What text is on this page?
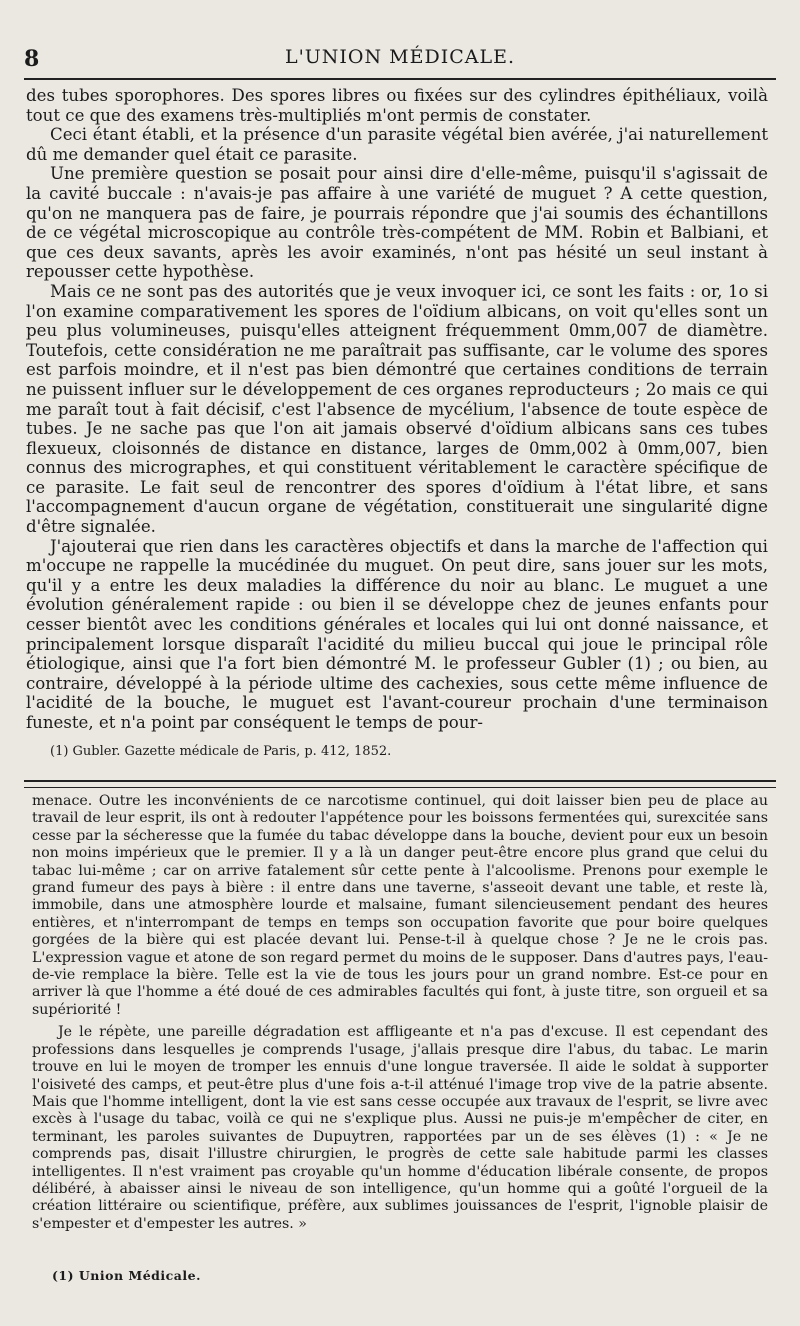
8	L'UNION MÉDICALE.

des tubes sporophores. Des spores libres ou fixées sur des cylindres épithéliaux, voilà tout ce que des examens très-multipliés m'ont permis de constater.

Ceci étant établi, et la présence d'un parasite végétal bien avérée, j'ai naturellement dû me demander quel était ce parasite.

Une première question se posait pour ainsi dire d'elle-même, puisqu'il s'agissait de la cavité buccale : n'avais-je pas affaire à une variété de muguet ? A cette question, qu'on ne manquera pas de faire, je pourrais répondre que j'ai soumis des échantillons de ce végétal microscopique au contrôle très-compétent de MM. Robin et Balbiani, et que ces deux savants, après les avoir examinés, n'ont pas hésité un seul instant à repousser cette hypothèse.

Mais ce ne sont pas des autorités que je veux invoquer ici, ce sont les faits : or, 1o si l'on examine comparativement les spores de l'oïdium albicans, on voit qu'elles sont un peu plus volumineuses, puisqu'elles atteignent fréquemment 0mm,007 de diamètre. Toutefois, cette considération ne me paraîtrait pas suffisante, car le volume des spores est parfois moindre, et il n'est pas bien démontré que certaines conditions de terrain ne puissent influer sur le développement de ces organes reproducteurs ; 2o mais ce qui me paraît tout à fait décisif, c'est l'absence de mycélium, l'absence de toute espèce de tubes. Je ne sache pas que l'on ait jamais observé d'oïdium albicans sans ces tubes flexueux, cloisonnés de distance en distance, larges de 0mm,002 à 0mm,007, bien connus des micrographes, et qui constituent véritablement le caractère spécifique de ce parasite. Le fait seul de rencontrer des spores d'oïdium à l'état libre, et sans l'accompagnement d'aucun organe de végétation, constituerait une singularité digne d'être signalée.

J'ajouterai que rien dans les caractères objectifs et dans la marche de l'affection qui m'occupe ne rappelle la mucédinée du muguet. On peut dire, sans jouer sur les mots, qu'il y a entre les deux maladies la différence du noir au blanc. Le muguet a une évolution généralement rapide : ou bien il se développe chez de jeunes enfants pour cesser bientôt avec les conditions générales et locales qui lui ont donné naissance, et principalement lorsque disparaît l'acidité du milieu buccal qui joue le principal rôle étiologique, ainsi que l'a fort bien démontré M. le professeur Gubler (1) ; ou bien, au contraire, développé à la période ultime des cachexies, sous cette même influence de l'acidité de la bouche, le muguet est l'avant-coureur prochain d'une terminaison funeste, et n'a point par conséquent le temps de pour-

(1) Gubler. Gazette médicale de Paris, p. 412, 1852.

menace. Outre les inconvénients de ce narcotisme continuel, qui doit laisser bien peu de place au travail de leur esprit, ils ont à redouter l'appétence pour les boissons fermentées qui, surexcitée sans cesse par la sécheresse que la fumée du tabac développe dans la bouche, devient pour eux un besoin non moins impérieux que le premier. Il y a là un danger peut-être encore plus grand que celui du tabac lui-même ; car on arrive fatalement sûr cette pente à l'alcoolisme. Prenons pour exemple le grand fumeur des pays à bière : il entre dans une taverne, s'asseoit devant une table, et reste là, immobile, dans une atmosphère lourde et malsaine, fumant silencieusement pendant des heures entières, et n'interrompant de temps en temps son occupation favorite que pour boire quelques gorgées de la bière qui est placée devant lui. Pense-t-il à quelque chose ? Je ne le crois pas. L'expression vague et atone de son regard permet du moins de le supposer. Dans d'autres pays, l'eau-de-vie remplace la bière. Telle est la vie de tous les jours pour un grand nombre. Est-ce pour en arriver là que l'homme a été doué de ces admirables facultés qui font, à juste titre, son orgueil et sa supériorité !

Je le répète, une pareille dégradation est affligeante et n'a pas d'excuse. Il est cependant des professions dans lesquelles je comprends l'usage, j'allais presque dire l'abus, du tabac. Le marin trouve en lui le moyen de tromper les ennuis d'une longue traversée. Il aide le soldat à supporter l'oisiveté des camps, et peut-être plus d'une fois a-t-il atténué l'image trop vive de la patrie absente. Mais que l'homme intelligent, dont la vie est sans cesse occupée aux travaux de l'esprit, se livre avec excès à l'usage du tabac, voilà ce qui ne s'explique plus. Aussi ne puis-je m'empêcher de citer, en terminant, les paroles suivantes de Dupuytren, rapportées par un de ses élèves (1) : « Je ne comprends pas, disait l'illustre chirurgien, le progrès de cette sale habitude parmi les classes intelligentes. Il n'est vraiment pas croyable qu'un homme d'éducation libérale consente, de propos délibéré, à abaisser ainsi le niveau de son intelligence, qu'un homme qui a goûté l'orgueil de la création littéraire ou scientifique, préfère, aux sublimes jouissances de l'esprit, l'ignoble plaisir de s'empester et d'empester les autres. »

(1) Union Médicale.
